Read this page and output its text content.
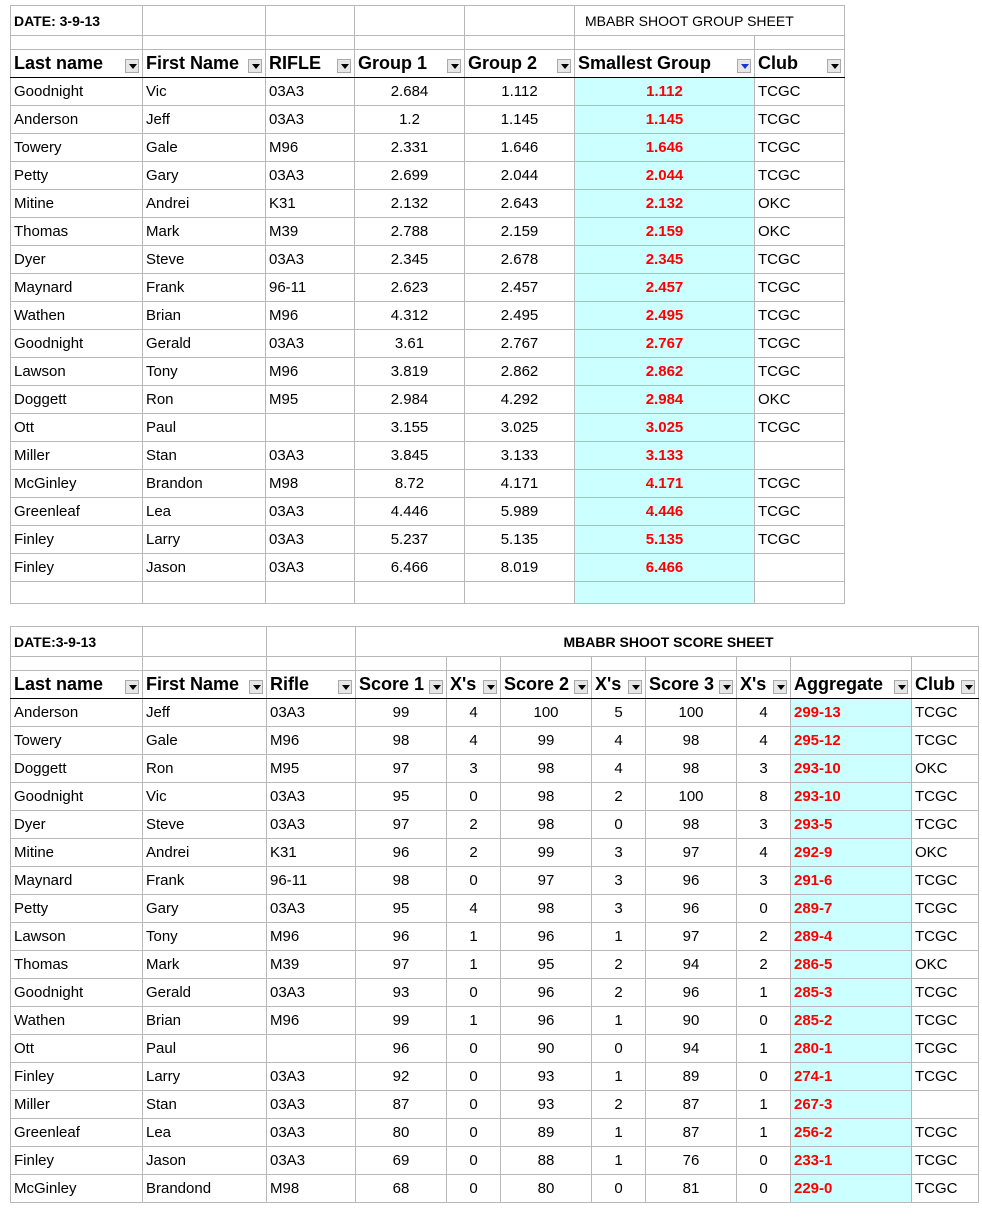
DATE: 3-9-13					MBABR SHOOT GROUP SHEET	

Last name	First Name	RIFLE	Group 1	Group 2	Smallest Group	Club

Goodnight	Vic	03A3	2.684	1.112	1.112	TCGC
Anderson	Jeff	03A3	1.2	1.145	1.145	TCGC
Towery	Gale	M96	2.331	1.646	1.646	TCGC
Petty	Gary	03A3	2.699	2.044	2.044	TCGC
Mitine	Andrei	K31	2.132	2.643	2.132	OKC
Thomas	Mark	M39	2.788	2.159	2.159	OKC
Dyer	Steve	03A3	2.345	2.678	2.345	TCGC
Maynard	Frank	96-11	2.623	2.457	2.457	TCGC
Wathen	Brian	M96	4.312	2.495	2.495	TCGC
Goodnight	Gerald	03A3	3.61	2.767	2.767	TCGC
Lawson	Tony	M96	3.819	2.862	2.862	TCGC
Doggett	Ron	M95	2.984	4.292	2.984	OKC
Ott	Paul		3.155	3.025	3.025	TCGC
Miller	Stan	03A3	3.845	3.133	3.133	
McGinley	Brandon	M98	8.72	4.171	4.171	TCGC
Greenleaf	Lea	03A3	4.446	5.989	4.446	TCGC
Finley	Larry	03A3	5.237	5.135	5.135	TCGC
Finley	Jason	03A3	6.466	8.019	6.466	

DATE:3-9-13			MBABR SHOOT SCORE SHEET							

Last name	First Name	Rifle	Score 1	X's	Score 2	X's	Score 3	X's	Aggregate	Club

Anderson	Jeff	03A3	99	4	100	5	100	4	299-13	TCGC
Towery	Gale	M96	98	4	99	4	98	4	295-12	TCGC
Doggett	Ron	M95	97	3	98	4	98	3	293-10	OKC
Goodnight	Vic	03A3	95	0	98	2	100	8	293-10	TCGC
Dyer	Steve	03A3	97	2	98	0	98	3	293-5	TCGC
Mitine	Andrei	K31	96	2	99	3	97	4	292-9	OKC
Maynard	Frank	96-11	98	0	97	3	96	3	291-6	TCGC
Petty	Gary	03A3	95	4	98	3	96	0	289-7	TCGC
Lawson	Tony	M96	96	1	96	1	97	2	289-4	TCGC
Thomas	Mark	M39	97	1	95	2	94	2	286-5	OKC
Goodnight	Gerald	03A3	93	0	96	2	96	1	285-3	TCGC
Wathen	Brian	M96	99	1	96	1	90	0	285-2	TCGC
Ott	Paul		96	0	90	0	94	1	280-1	TCGC
Finley	Larry	03A3	92	0	93	1	89	0	274-1	TCGC
Miller	Stan	03A3	87	0	93	2	87	1	267-3	
Greenleaf	Lea	03A3	80	0	89	1	87	1	256-2	TCGC
Finley	Jason	03A3	69	0	88	1	76	0	233-1	TCGC
McGinley	Brandond	M98	68	0	80	0	81	0	229-0	TCGC
